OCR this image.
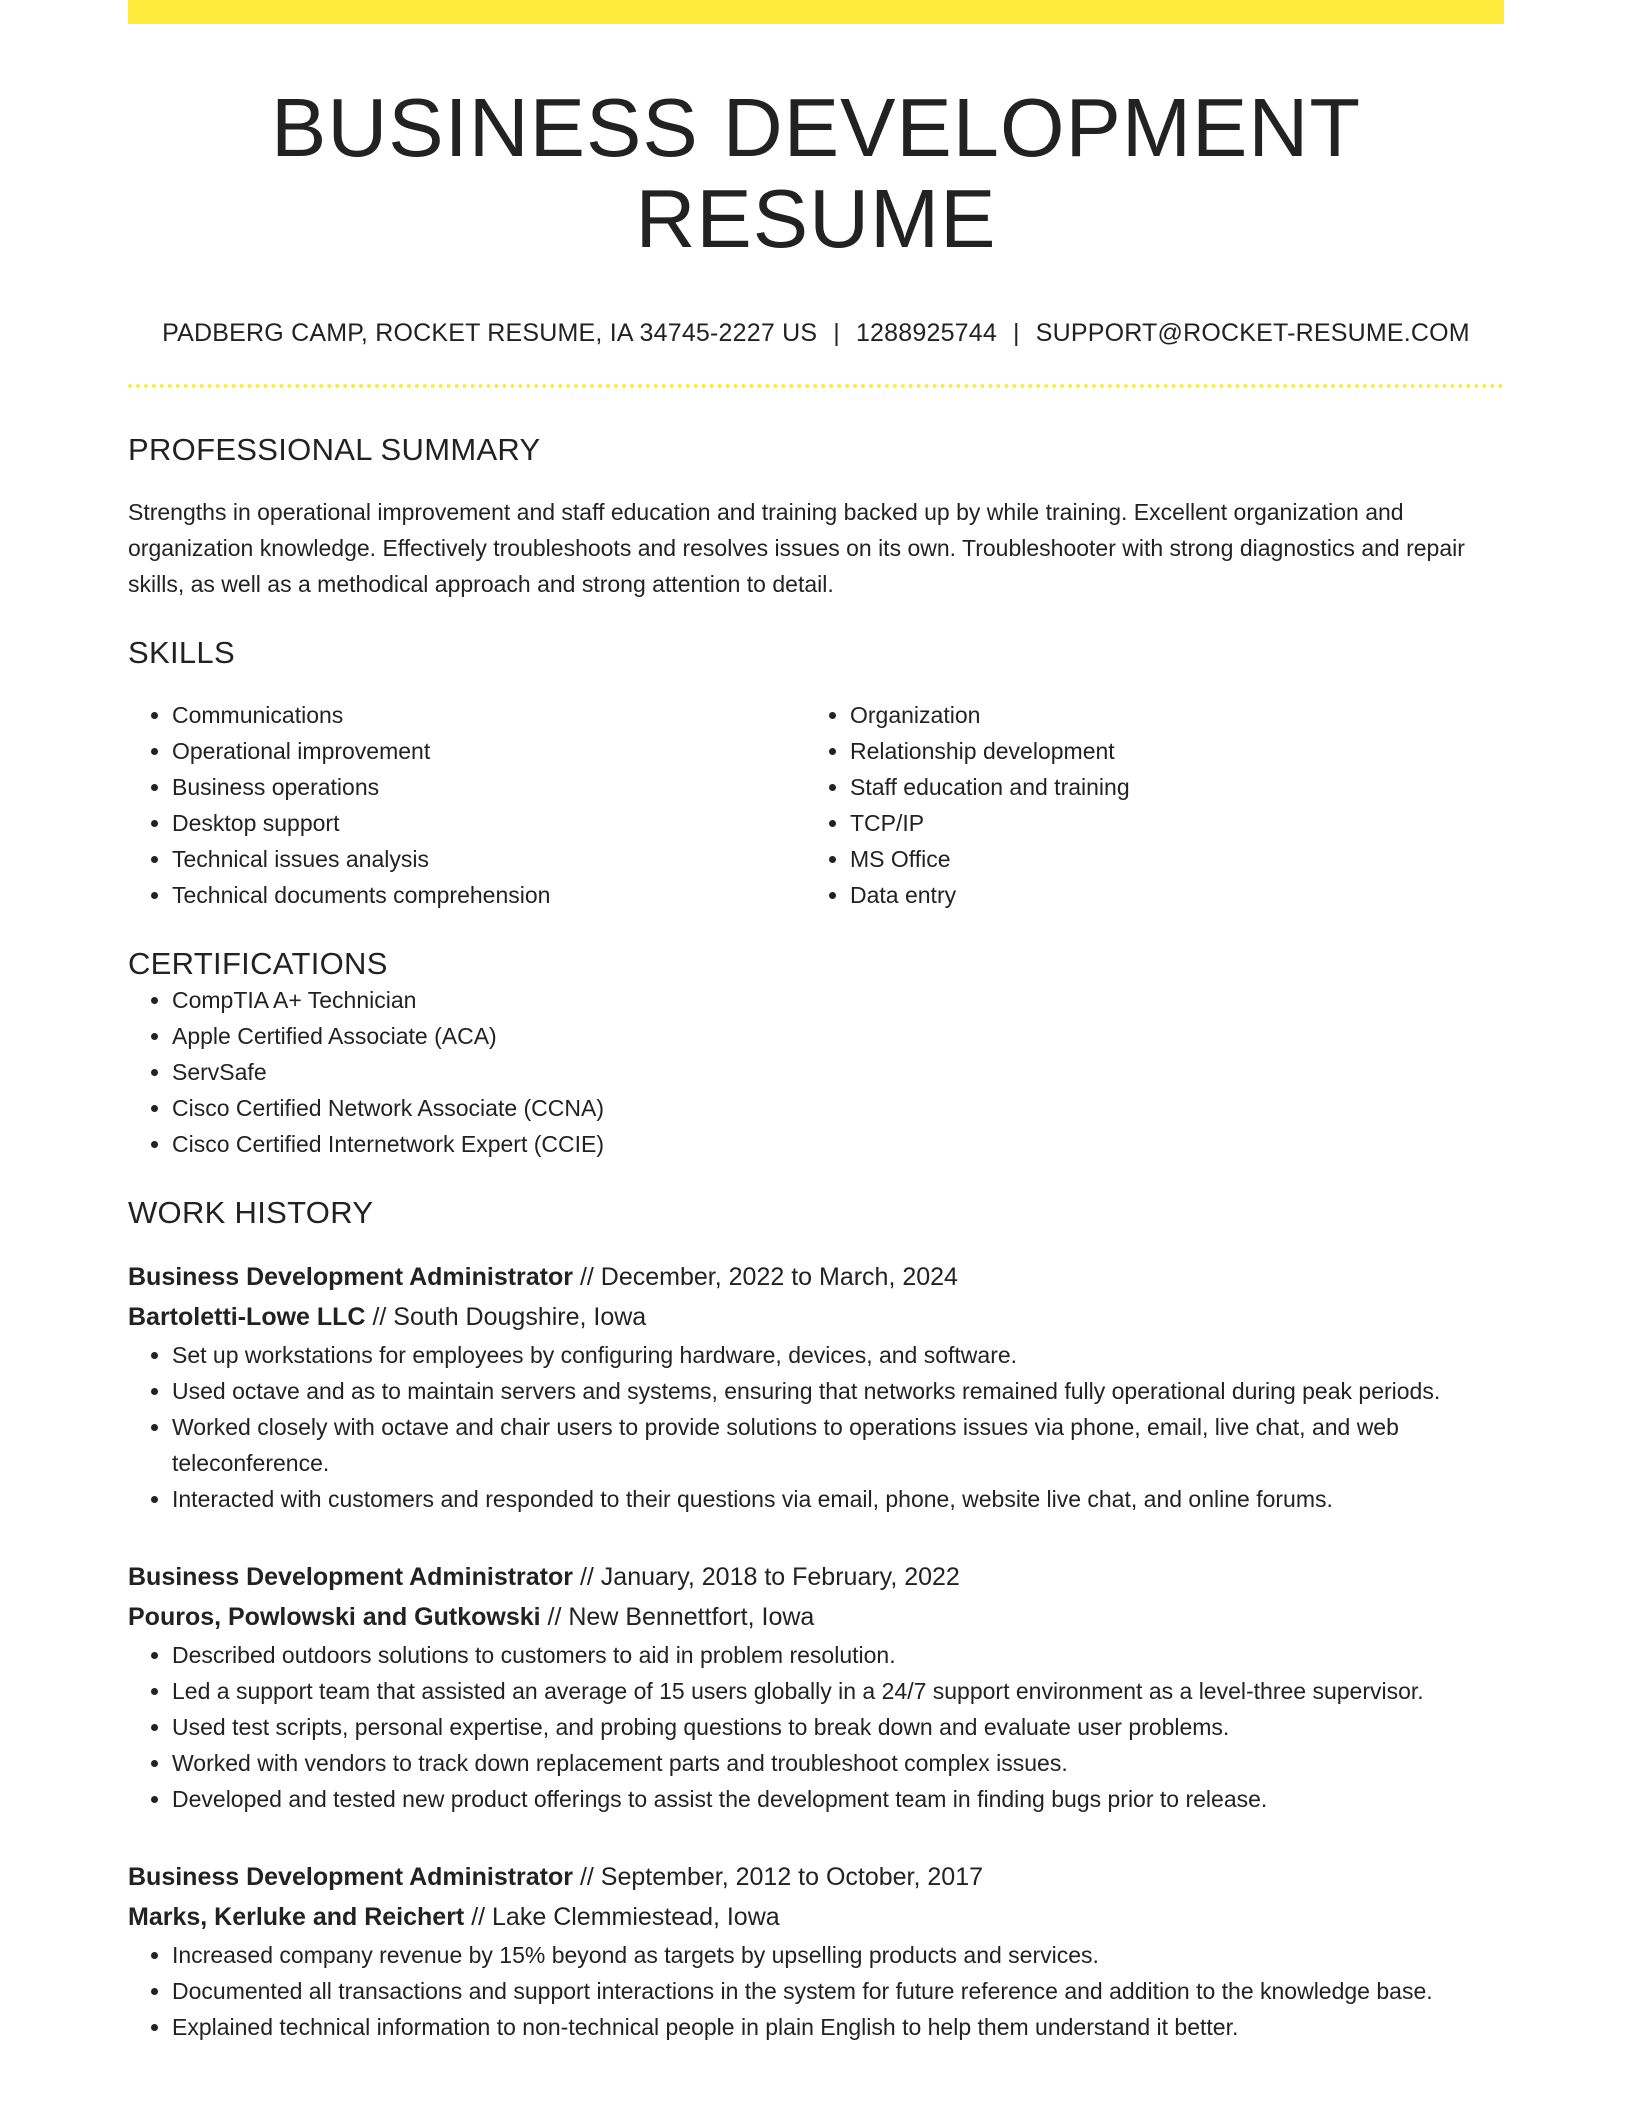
BUSINESS DEVELOPMENT RESUME
PADBERG CAMP, ROCKET RESUME, IA 34745-2227 US | 1288925744 | SUPPORT@ROCKET-RESUME.COM
PROFESSIONAL SUMMARY
Strengths in operational improvement and staff education and training backed up by while training. Excellent organization and organization knowledge. Effectively troubleshoots and resolves issues on its own. Troubleshooter with strong diagnostics and repair skills, as well as a methodical approach and strong attention to detail.
SKILLS
• Communications
• Operational improvement
• Business operations
• Desktop support
• Technical issues analysis
• Technical documents comprehension
• Organization
• Relationship development
• Staff education and training
• TCP/IP
• MS Office
• Data entry
CERTIFICATIONS
• CompTIA A+ Technician
• Apple Certified Associate (ACA)
• ServSafe
• Cisco Certified Network Associate (CCNA)
• Cisco Certified Internetwork Expert (CCIE)
WORK HISTORY
Business Development Administrator // December, 2022 to March, 2024
Bartoletti-Lowe LLC // South Dougshire, Iowa
• Set up workstations for employees by configuring hardware, devices, and software.
• Used octave and as to maintain servers and systems, ensuring that networks remained fully operational during peak periods.
• Worked closely with octave and chair users to provide solutions to operations issues via phone, email, live chat, and web teleconference.
• Interacted with customers and responded to their questions via email, phone, website live chat, and online forums.
Business Development Administrator // January, 2018 to February, 2022
Pouros, Powlowski and Gutkowski // New Bennettfort, Iowa
• Described outdoors solutions to customers to aid in problem resolution.
• Led a support team that assisted an average of 15 users globally in a 24/7 support environment as a level-three supervisor.
• Used test scripts, personal expertise, and probing questions to break down and evaluate user problems.
• Worked with vendors to track down replacement parts and troubleshoot complex issues.
• Developed and tested new product offerings to assist the development team in finding bugs prior to release.
Business Development Administrator // September, 2012 to October, 2017
Marks, Kerluke and Reichert // Lake Clemmiestead, Iowa
• Increased company revenue by 15% beyond as targets by upselling products and services.
• Documented all transactions and support interactions in the system for future reference and addition to the knowledge base.
• Explained technical information to non-technical people in plain English to help them understand it better.
